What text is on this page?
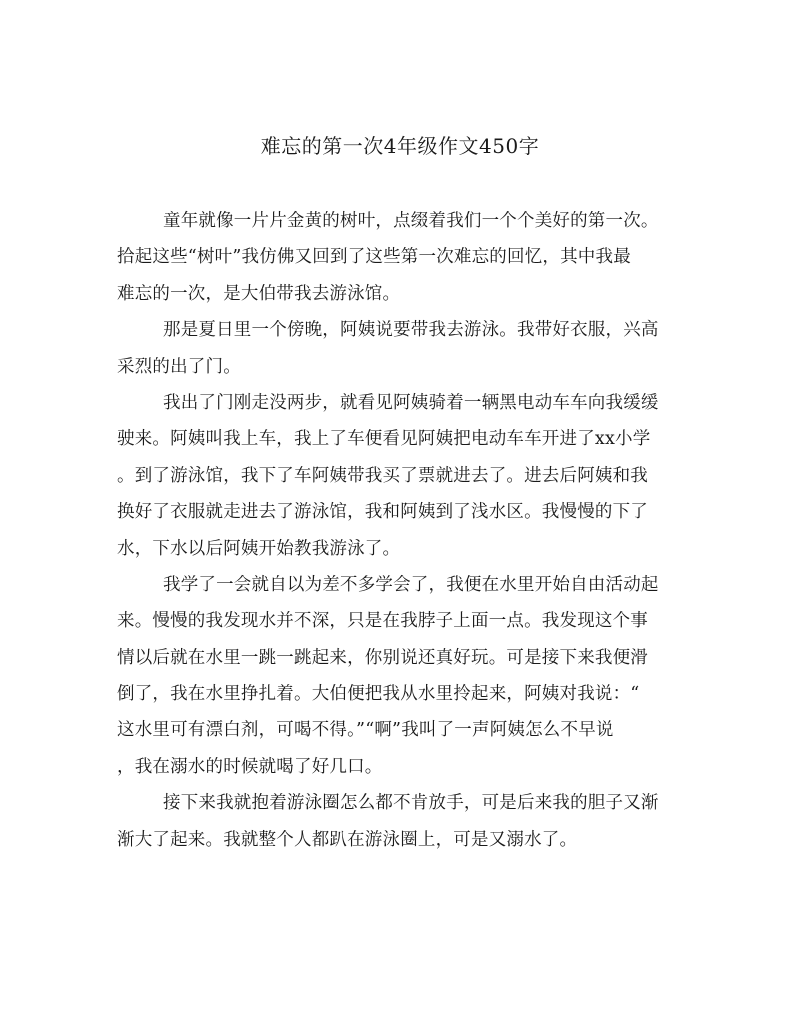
难忘的第一次4年级作文450字
童年就像一片片金黄的树叶，点缀着我们一个个美好的第一次。
拾起这些“树叶”我仿佛又回到了这些第一次难忘的回忆，其中我最
难忘的一次，是大伯带我去游泳馆。
那是夏日里一个傍晚，阿姨说要带我去游泳。我带好衣服，兴高
采烈的出了门。
我出了门刚走没两步，就看见阿姨骑着一辆黑电动车车向我缓缓
驶来。阿姨叫我上车，我上了车便看见阿姨把电动车车开进了xx小学
。到了游泳馆，我下了车阿姨带我买了票就进去了。进去后阿姨和我
换好了衣服就走进去了游泳馆，我和阿姨到了浅水区。我慢慢的下了
水，下水以后阿姨开始教我游泳了。
我学了一会就自以为差不多学会了，我便在水里开始自由活动起
来。慢慢的我发现水并不深，只是在我脖子上面一点。我发现这个事
情以后就在水里一跳一跳起来，你别说还真好玩。可是接下来我便滑
倒了，我在水里挣扎着。大伯便把我从水里拎起来，阿姨对我说：“
这水里可有漂白剂，可喝不得。”“啊”我叫了一声阿姨怎么不早说
，我在溺水的时候就喝了好几口。
接下来我就抱着游泳圈怎么都不肯放手，可是后来我的胆子又渐
渐大了起来。我就整个人都趴在游泳圈上，可是又溺水了。
